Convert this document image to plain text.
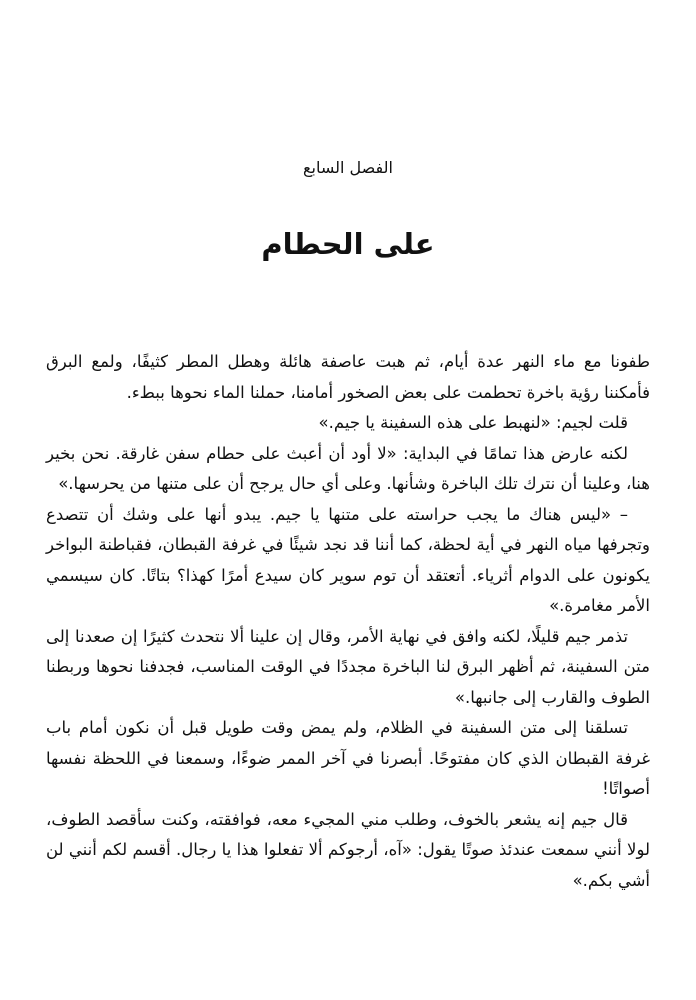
الفصل السابع
على الحطام

طفونا مع ماء النهر عدة أيام، ثم هبت عاصفة هائلة وهطل المطر كثيفًا، ولمع البرق فأمكننا رؤية باخرة تحطمت على بعض الصخور أمامنا، حملنا الماء نحوها ببطء.

قلت لجيم: «لنهبط على هذه السفينة يا جيم.»

لكنه عارض هذا تمامًا في البداية: «لا أود أن أعبث على حطام سفن غارقة. نحن بخير هنا، وعلينا أن نترك تلك الباخرة وشأنها. وعلى أي حال يرجح أن على متنها من يحرسها.»

– «ليس هناك ما يجب حراسته على متنها يا جيم. يبدو أنها على وشك أن تتصدع وتجرفها مياه النهر في أية لحظة، كما أننا قد نجد شيئًا في غرفة القبطان، فقباطنة البواخر يكونون على الدوام أثرياء. أتعتقد أن توم سوير كان سيدع أمرًا كهذا؟ بتاتًا. كان سيسمي الأمر مغامرة.»

تذمر جيم قليلًا، لكنه وافق في نهاية الأمر، وقال إن علينا ألا نتحدث كثيرًا إن صعدنا إلى متن السفينة، ثم أظهر البرق لنا الباخرة مجددًا في الوقت المناسب، فجدفنا نحوها وربطنا الطوف والقارب إلى جانبها.»

تسلقنا إلى متن السفينة في الظلام، ولم يمض وقت طويل قبل أن نكون أمام باب غرفة القبطان الذي كان مفتوحًا. أبصرنا في آخر الممر ضوءًا، وسمعنا في اللحظة نفسها أصواتًا!

قال جيم إنه يشعر بالخوف، وطلب مني المجيء معه، فوافقته، وكنت سأقصد الطوف، لولا أنني سمعت عندئذ صوتًا يقول: «آه، أرجوكم ألا تفعلوا هذا يا رجال. أقسم لكم أنني لن أشي بكم.»
